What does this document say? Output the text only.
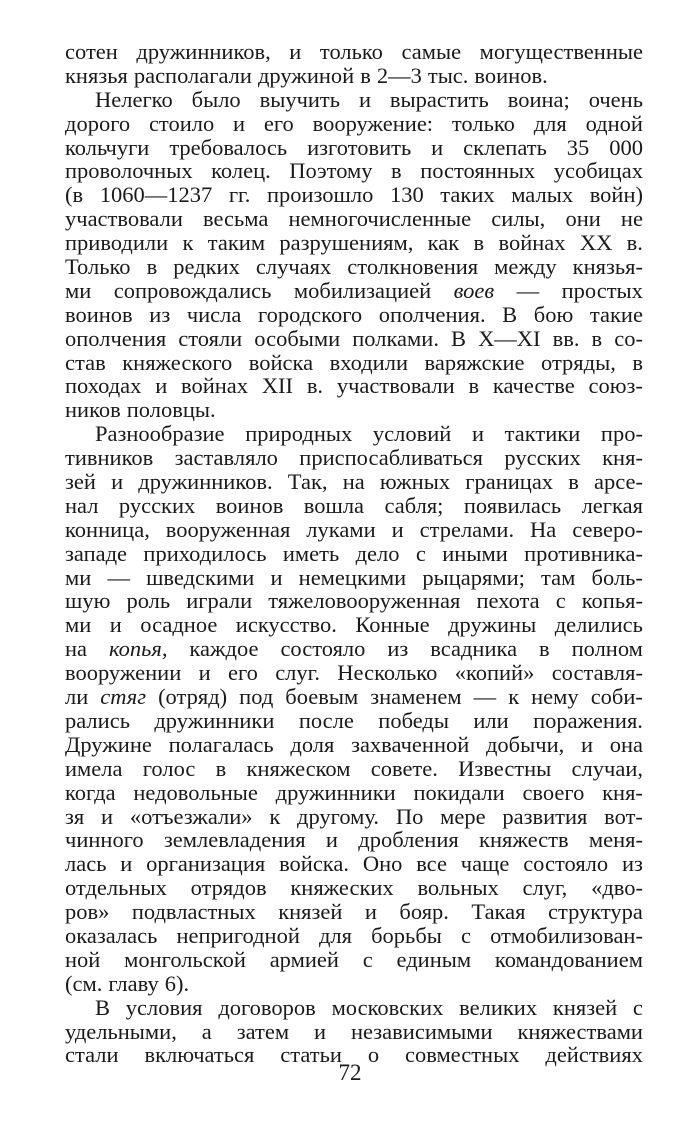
сотен дружинников, и только самые могущественные
князья располагали дружиной в 2—3 тыс. воинов.
Нелегко было выучить и вырастить воина; очень
дорого стоило и его вооружение: только для одной
кольчуги требовалось изготовить и склепать 35 000
проволочных колец. Поэтому в постоянных усобицах
(в 1060—1237 гг. произошло 130 таких малых войн)
участвовали весьма немногочисленные силы, они не
приводили к таким разрушениям, как в войнах XX в.
Только в редких случаях столкновения между князья-
ми сопровождались мобилизацией воев — простых
воинов из числа городского ополчения. В бою такие
ополчения стояли особыми полками. В X—XI вв. в со-
став княжеского войска входили варяжские отряды, в
походах и войнах XII в. участвовали в качестве союз-
ников половцы.
Разнообразие природных условий и тактики про-
тивников заставляло приспосабливаться русских кня-
зей и дружинников. Так, на южных границах в арсе-
нал русских воинов вошла сабля; появилась легкая
конница, вооруженная луками и стрелами. На северо-
западе приходилось иметь дело с иными противника-
ми — шведскими и немецкими рыцарями; там боль-
шую роль играли тяжеловооруженная пехота с копья-
ми и осадное искусство. Конные дружины делились
на копья, каждое состояло из всадника в полном
вооружении и его слуг. Несколько «копий» составля-
ли стяг (отряд) под боевым знаменем — к нему соби-
рались дружинники после победы или поражения.
Дружине полагалась доля захваченной добычи, и она
имела голос в княжеском совете. Известны случаи,
когда недовольные дружинники покидали своего кня-
зя и «отъезжали» к другому. По мере развития вот-
чинного землевладения и дробления княжеств меня-
лась и организация войска. Оно все чаще состояло из
отдельных отрядов княжеских вольных слуг, «дво-
ров» подвластных князей и бояр. Такая структура
оказалась непригодной для борьбы с отмобилизован-
ной монгольской армией с единым командованием
(см. главу 6).
В условия договоров московских великих князей с
удельными, а затем и независимыми княжествами
стали включаться статьи о совместных действиях
72
